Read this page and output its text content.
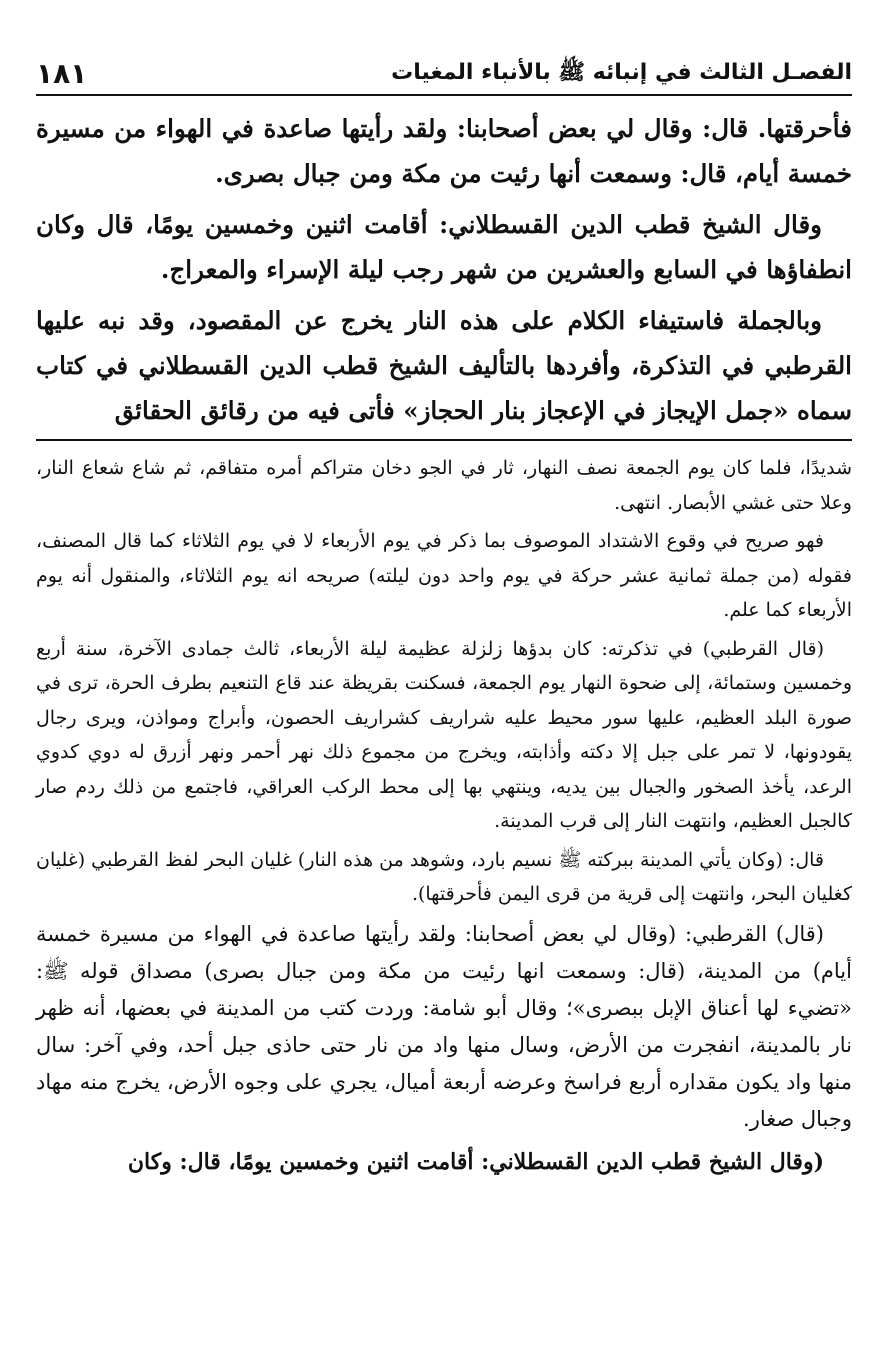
الفصـل الثالث في إنبائه ﷺ بالأنباء المغيات
١٨١

فأحرقتها. قال: وقال لي بعض أصحابنا: ولقد رأيتها صاعدة في الهواء من مسيرة خمسة أيام، قال: وسمعت أنها رئيت من مكة ومن جبال بصرى.

وقال الشيخ قطب الدين القسطلاني: أقامت اثنين وخمسين يومًا، قال وكان انطفاؤها في السابع والعشرين من شهر رجب ليلة الإسراء والمعراج.

وبالجملة فاستيفاء الكلام على هذه النار يخرج عن المقصود، وقد نبه عليها القرطبي في التذكرة، وأفردها بالتأليف الشيخ قطب الدين القسطلاني في كتاب سماه «جمل الإيجاز في الإعجاز بنار الحجاز» فأتى فيه من رقائق الحقائق

شديدًا، فلما كان يوم الجمعة نصف النهار، ثار في الجو دخان متراكم أمره متفاقم، ثم شاع شعاع النار، وعلا حتى غشي الأبصار. انتهى.

فهو صريح في وقوع الاشتداد الموصوف بما ذكر في يوم الأربعاء لا في يوم الثلاثاء كما قال المصنف، فقوله (من جملة ثمانية عشر حركة في يوم واحد دون ليلته) صريحه انه يوم الثلاثاء، والمنقول أنه يوم الأربعاء كما علم.

(قال القرطبي) في تذكرته: كان بدؤها زلزلة عظيمة ليلة الأربعاء، ثالث جمادى الآخرة، سنة أربع وخمسين وستمائة، إلى ضحوة النهار يوم الجمعة، فسكنت بقريظة عند قاع التنعيم بطرف الحرة، ترى في صورة البلد العظيم، عليها سور محيط عليه شراريف كشراريف الحصون، وأبراج ومواذن، ويرى رجال يقودونها، لا تمر على جبل إلا دكته وأذابته، ويخرج من مجموع ذلك نهر أحمر ونهر أزرق له دوي كدوي الرعد، يأخذ الصخور والجبال بين يديه، وينتهي بها إلى محط الركب العراقي، فاجتمع من ذلك ردم صار كالجبل العظيم، وانتهت النار إلى قرب المدينة.

قال: (وكان يأتي المدينة ببركته ﷺ نسيم بارد، وشوهد من هذه النار) غليان البحر لفظ القرطبي (غليان كغليان البحر، وانتهت إلى قرية من قرى اليمن فأحرقتها).

(قال) القرطبي: (وقال لي بعض أصحابنا: ولقد رأيتها صاعدة في الهواء من مسيرة خمسة أيام) من المدينة، (قال: وسمعت انها رئيت من مكة ومن جبال بصرى) مصداق قوله ﷺ: «تضيء لها أعناق الإبل ببصرى»؛ وقال أبو شامة: وردت كتب من المدينة في بعضها، أنه ظهر نار بالمدينة، انفجرت من الأرض، وسال منها واد من نار حتى حاذى جبل أحد، وفي آخر: سال منها واد يكون مقداره أربع فراسخ وعرضه أربعة أميال، يجري على وجوه الأرض، يخرج منه مهاد وجبال صغار.

(وقال الشيخ قطب الدين القسطلاني: أقامت اثنين وخمسين يومًا، قال: وكان
